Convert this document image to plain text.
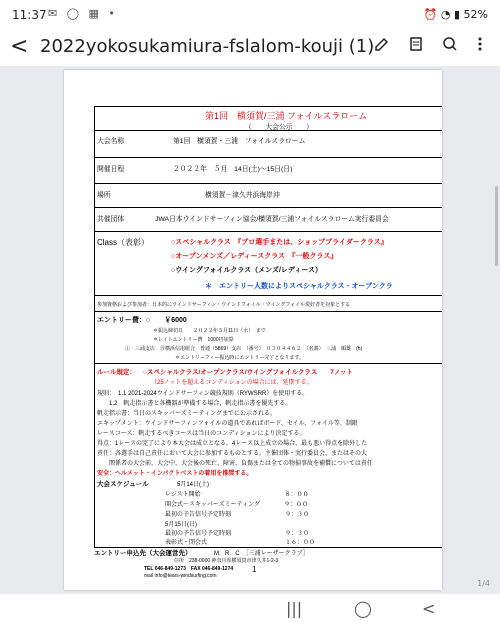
11:37 ✉ ◯ ▦ •	⏰ ◔ ▮ 52%
< 2022yokosukamiura-fslalom-kouji (1)
第1回　横須賀/三浦 フォイルスラローム
（　　大会公示　　）
大会名称	第1回　横須賀・三浦　フォイルスラローム
開催日程	２０２２年　５月　14日(土)～15日(日)
場所	横須賀－津久井浜海岸沖
共催団体	JWA日本ウインドサーフィン協会/横須賀/三浦フォイルスラローム実行委員会
Class（表彰）	○スペシャルクラス　『プロ選手または、ショッププライダークラス』
○オープンメンズ／レディースクラス　『一般クラス』
○ウイングフォイルクラス（メンズ/レディース）
＊　エントリー人数によりスペシャルクラス・オープンクラ
参加資格および参加者：日本的にウインドサーフィン・ウインドフォイル・ウイングフォイル愛好者を対象とする
エントリー費：○　　￥6000
＊振込締切日　　２０２２年５月11日（水）　まで
＊レイトエントリー費　1000円加算
①　三浦支店　Ⓑ横浜信用組合　普通（5869）支店　（番号）　０３０４４６２　（名義）　三浦　順雄　(h)
＊エントリーフィー振込時にエントリー完了となります。
ルール規定： ○スペシャルクラス/オープンクラス/ウイングフォイルクラス　　7ノット
（25ノットを超えるコンディションの場合には、延期する。
規則：　1.1 2021-2024ウインドサーフィン競技規則（RYWSRR）を使用する。
　　1.2　帆走指示書と各機器が準備する場合、帆走指示書を優先する。
帆走指示書：当日のスキッパーズミーティングまでに公示される。
エキップメント：ウインドサーフィンフォイルの道具であればボード、セイル、フォイル等、制限
レースコース：帆走するべきコースは当日のコンディションにより決定する。
得点：1レースの完了により本大会は成立となる。4レース以上成立の場合、最も悪い得点を除外した
責任：各選手は自己責任において大会に参加するものとする。主催団体・実行委員会、またはその大
　　関係者の大会前、大会中、大会後の死亡、障害、負傷または全ての物損事故を補償については責任
安全：ヘルメット・インパクトベストの着用を推奨する。
大会スケジュール	5月14日(土)
レジスト開始　　　　　　　　　　　　　　８：００
開会式～スキッパーズミーティング　　　　９：００
最初の予告信号予定時刻　　　　　　　　　９：３０
5月15日(日)
最初の予告信号予定時刻　　　　　　　　　９：３０
表彰式・閉会式　　　　　　　　　　　　　１６：００
エントリー申込先（大会運営先）	M．R．C　［三浦レーザークラブ］
住所　238-0000 神奈川県横須賀市津久井1-2-3
TEL 046-849-1273　FAX 046-849-1274
mail info@tears-windsurfing.com
1
1/4
|||	◯	<
